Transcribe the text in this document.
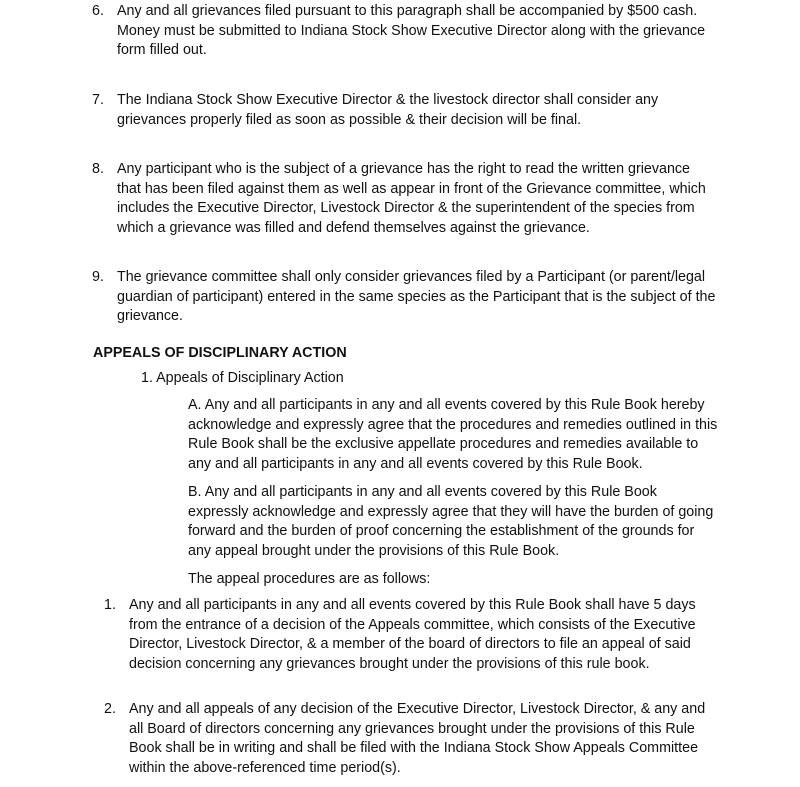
6. Any and all grievances filed pursuant to this paragraph shall be accompanied by $500 cash. Money must be submitted to Indiana Stock Show Executive Director along with the grievance form filled out.

7. The Indiana Stock Show Executive Director & the livestock director shall consider any grievances properly filed as soon as possible & their decision will be final.

8. Any participant who is the subject of a grievance has the right to read the written grievance that has been filed against them as well as appear in front of the Grievance committee, which includes the Executive Director, Livestock Director & the superintendent of the species from which a grievance was filled and defend themselves against the grievance.

9. The grievance committee shall only consider grievances filed by a Participant (or parent/legal guardian of participant) entered in the same species as the Participant that is the subject of the grievance.

APPEALS OF DISCIPLINARY ACTION

1. Appeals of Disciplinary Action

A. Any and all participants in any and all events covered by this Rule Book hereby acknowledge and expressly agree that the procedures and remedies outlined in this Rule Book shall be the exclusive appellate procedures and remedies available to any and all participants in any and all events covered by this Rule Book.

B. Any and all participants in any and all events covered by this Rule Book expressly acknowledge and expressly agree that they will have the burden of going forward and the burden of proof concerning the establishment of the grounds for any appeal brought under the provisions of this Rule Book.

The appeal procedures are as follows:

1. Any and all participants in any and all events covered by this Rule Book shall have 5 days from the entrance of a decision of the Appeals committee, which consists of the Executive Director, Livestock Director, & a member of the board of directors to file an appeal of said decision concerning any grievances brought under the provisions of this rule book.

2. Any and all appeals of any decision of the Executive Director, Livestock Director, & any and all Board of directors concerning any grievances brought under the provisions of this Rule Book shall be in writing and shall be filed with the Indiana Stock Show Appeals Committee within the above-referenced time period(s).
